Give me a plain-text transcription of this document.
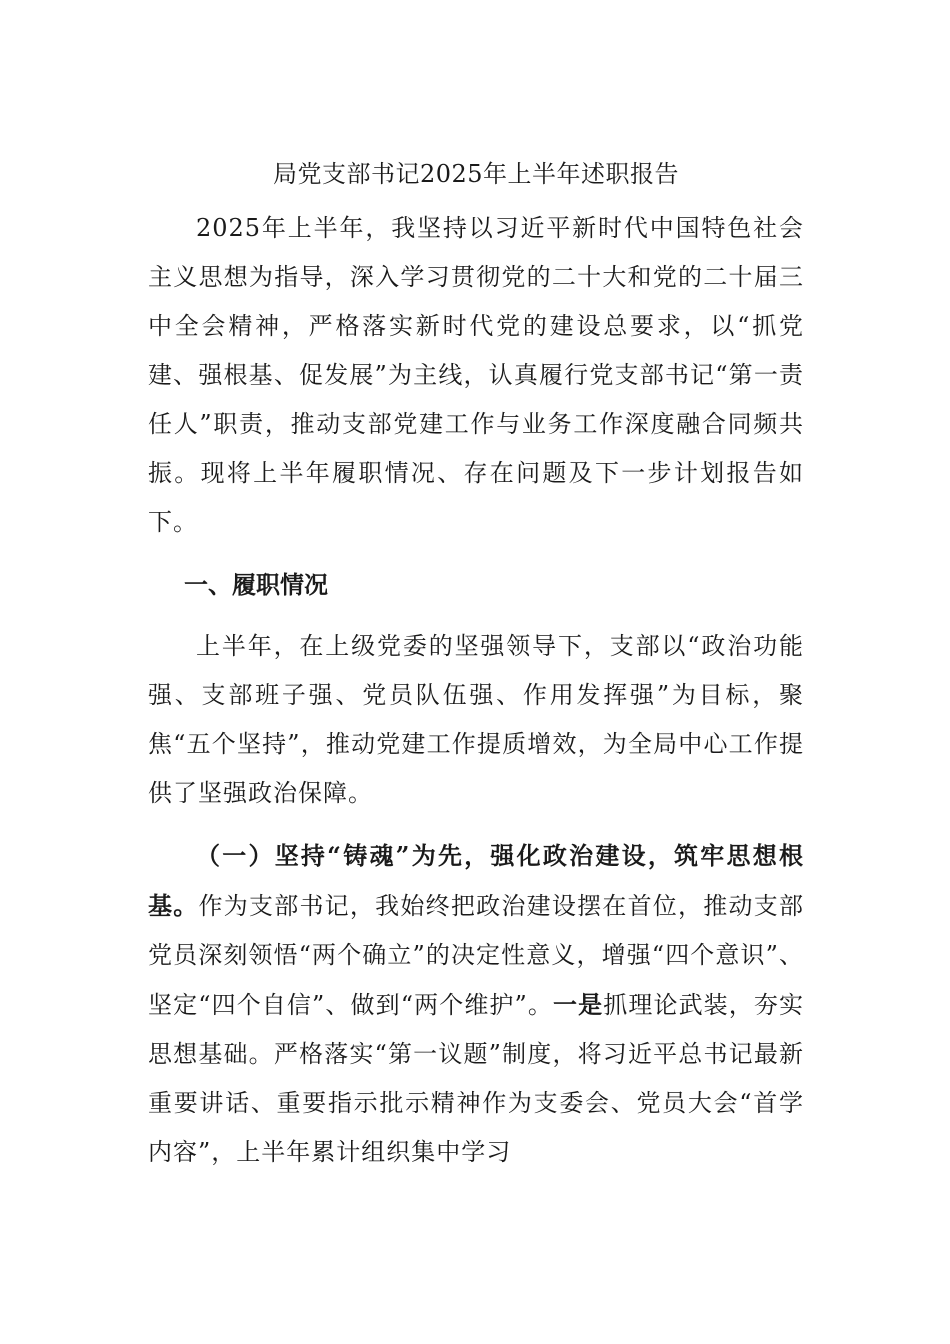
局党支部书记2025年上半年述职报告

2025年上半年，我坚持以习近平新时代中国特色社会主义思想为指导，深入学习贯彻党的二十大和党的二十届三中全会精神，严格落实新时代党的建设总要求，以“抓党建、强根基、促发展”为主线，认真履行党支部书记“第一责任人”职责，推动支部党建工作与业务工作深度融合同频共振。现将上半年履职情况、存在问题及下一步计划报告如下。

一、履职情况

上半年，在上级党委的坚强领导下，支部以“政治功能强、支部班子强、党员队伍强、作用发挥强”为目标，聚焦“五个坚持”，推动党建工作提质增效，为全局中心工作提供了坚强政治保障。

（一）坚持“铸魂”为先，强化政治建设，筑牢思想根基。作为支部书记，我始终把政治建设摆在首位，推动支部党员深刻领悟“两个确立”的决定性意义，增强“四个意识”、坚定“四个自信”、做到“两个维护”。一是抓理论武装，夯实思想基础。严格落实“第一议题”制度，将习近平总书记最新重要讲话、重要指示批示精神作为支委会、党员大会“首学内容”，上半年累计组织集中学习
